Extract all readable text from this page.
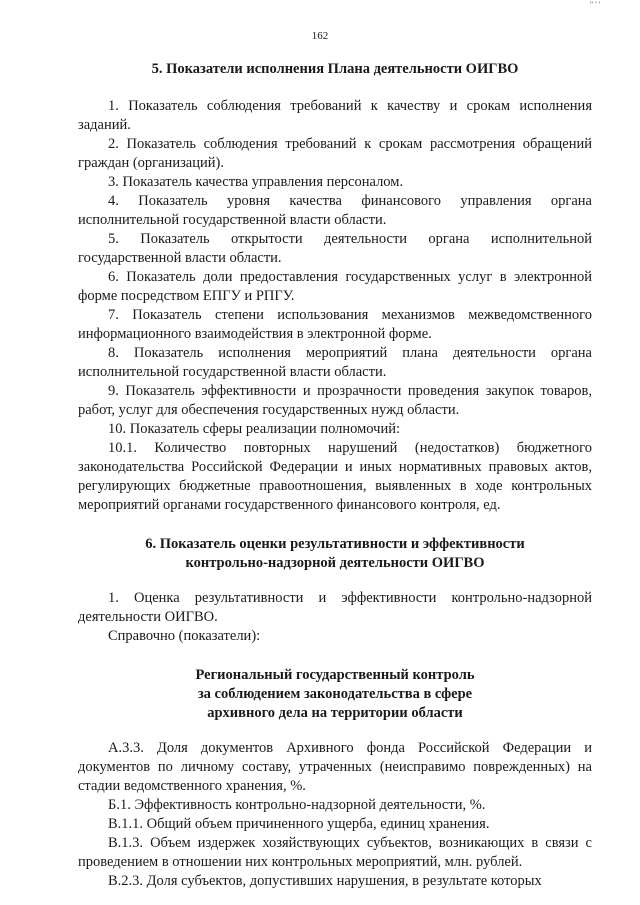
" ' '
162
5. Показатели исполнения Плана деятельности ОИГВО

1. Показатель соблюдения требований к качеству и срокам исполнения заданий.

2. Показатель соблюдения требований к срокам рассмотрения обращений граждан (организаций).

3. Показатель качества управления персоналом.

4. Показатель уровня качества финансового управления органа исполнительной государственной власти области.

5. Показатель открытости деятельности органа исполнительной государственной власти области.

6. Показатель доли предоставления государственных услуг в электронной форме посредством ЕПГУ и РПГУ.

7. Показатель степени использования механизмов межведомственного информационного взаимодействия в электронной форме.

8. Показатель исполнения мероприятий плана деятельности органа исполнительной государственной власти области.

9. Показатель эффективности и прозрачности проведения закупок товаров, работ, услуг для обеспечения государственных нужд области.

10. Показатель сферы реализации полномочий:

10.1. Количество повторных нарушений (недостатков) бюджетного законодательства Российской Федерации и иных нормативных правовых актов, регулирующих бюджетные правоотношения, выявленных в ходе контрольных мероприятий органами государственного финансового контроля, ед.

6. Показатель оценки результативности и эффективности
контрольно-надзорной деятельности ОИГВО

1. Оценка результативности и эффективности контрольно-надзорной деятельности ОИГВО.

Справочно (показатели):

Региональный государственный контроль
за соблюдением законодательства в сфере
архивного дела на территории области

А.3.3. Доля документов Архивного фонда Российской Федерации и документов по личному составу, утраченных (неисправимо поврежденных) на стадии ведомственного хранения, %.

Б.1. Эффективность контрольно-надзорной деятельности, %.

В.1.1. Общий объем причиненного ущерба, единиц хранения.

В.1.3. Объем издержек хозяйствующих субъектов, возникающих в связи с проведением в отношении них контрольных мероприятий, млн. рублей.

В.2.3. Доля субъектов, допустивших нарушения, в результате которых
